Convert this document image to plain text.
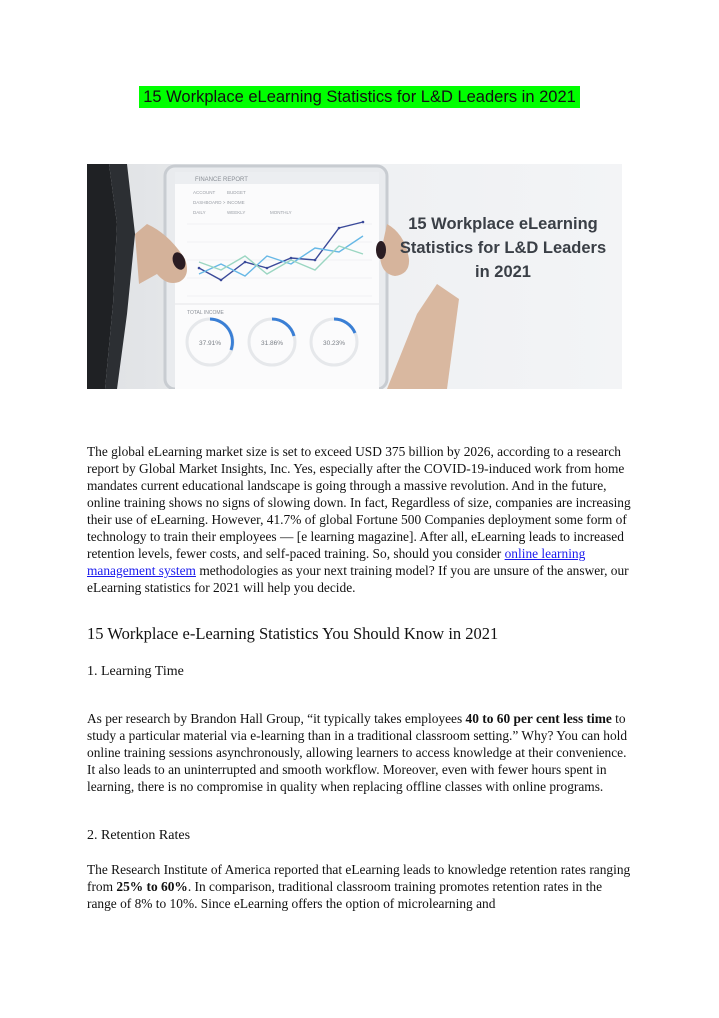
15 Workplace eLearning Statistics for L&D Leaders in 2021
FINANCE REPORT
ACCOUNT	BUDGET
DASHBOARD > INCOME
DAILY	WEEKLY	MONTHLY
TOTAL INCOME
37.91%	31.86%	30.23%
15 Workplace eLearning
Statistics for L&D Leaders
in 2021

The global eLearning market size is set to exceed USD 375 billion by 2026, according to a research report by Global Market Insights, Inc. Yes, especially after the COVID-19-induced work from home mandates current educational landscape is going through a massive revolution. And in the future, online training shows no signs of slowing down. In fact, Regardless of size, companies are increasing their use of eLearning. However, 41.7% of global Fortune 500 Companies deployment some form of technology to train their employees — [e learning magazine]. After all, eLearning leads to increased retention levels, fewer costs, and self-paced training. So, should you consider online learning management system methodologies as your next training model? If you are unsure of the answer, our eLearning statistics for 2021 will help you decide.

15 Workplace e-Learning Statistics You Should Know in 2021
1. Learning Time

As per research by Brandon Hall Group, “it typically takes employees 40 to 60 per cent less time to study a particular material via e-learning than in a traditional classroom setting.” Why? You can hold online training sessions asynchronously, allowing learners to access knowledge at their convenience. It also leads to an uninterrupted and smooth workflow. Moreover, even with fewer hours spent in learning, there is no compromise in quality when replacing offline classes with online programs.

2. Retention Rates

The Research Institute of America reported that eLearning leads to knowledge retention rates ranging from 25% to 60%. In comparison, traditional classroom training promotes retention rates in the range of 8% to 10%. Since eLearning offers the option of microlearning and
